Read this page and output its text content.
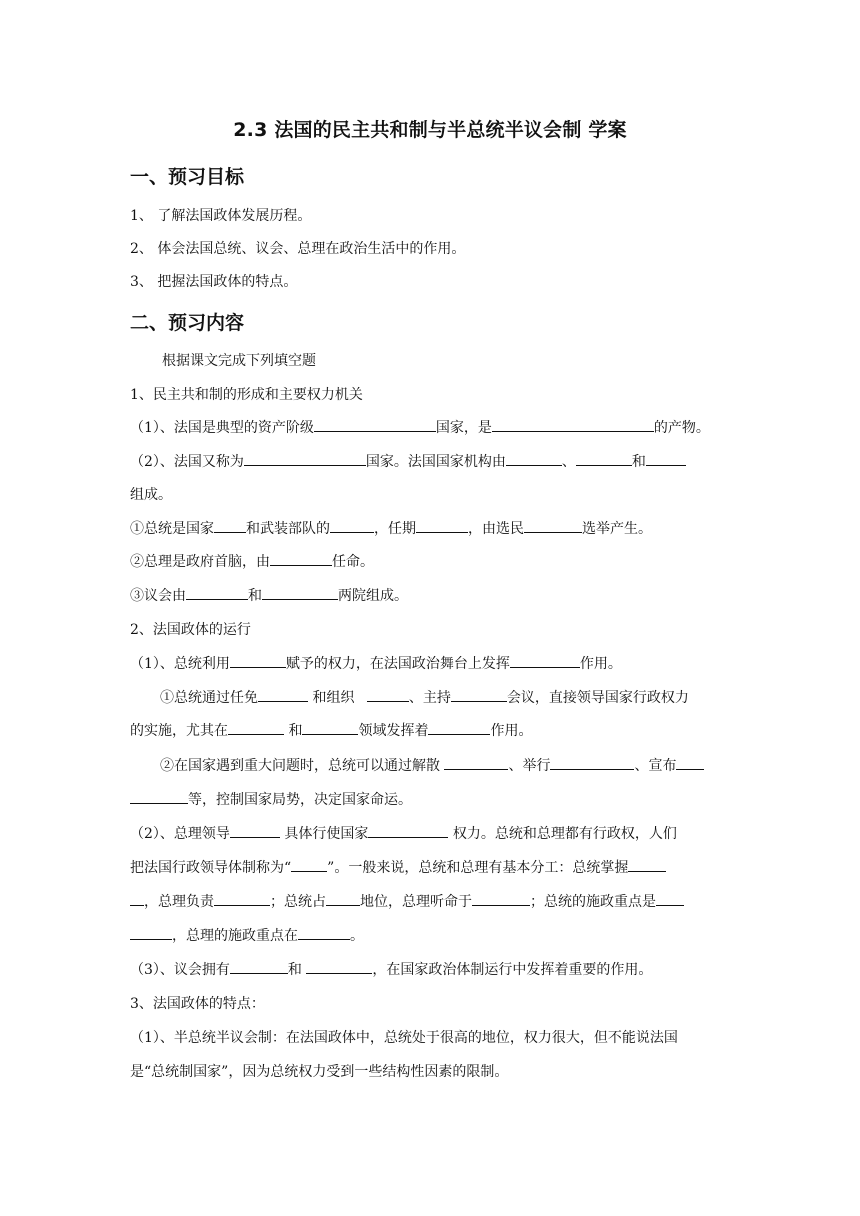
2.3 法国的民主共和制与半总统半议会制 学案
一、预习目标
1、 了解法国政体发展历程。
2、 体会法国总统、议会、总理在政治生活中的作用。
3、 把握法国政体的特点。
二、预习内容
根据课文完成下列填空题
1、民主共和制的形成和主要权力机关
（1）、法国是典型的资产阶级	国家，是	的产物。
（2）、法国又称为	国家。法国国家机构由	、	和
组成。
①总统是国家 和武装部队的	，任期	，由选民	选举产生。
②总理是政府首脑，由	任命。
③议会由	和	两院组成。
2、法国政体的运行
（1）、总统利用	赋予的权力，在法国政治舞台上发挥	作用。
①总统通过任免	和组织	、主持	会议，直接领导国家行政权力
的实施，尤其在	和	领域发挥着	作用。
②在国家遇到重大问题时，总统可以通过解散	、举行	、宣布
等，控制国家局势，决定国家命运。
（2）、总理领导	具体行使国家	权力。总统和总理都有行政权，人们
把法国行政领导体制称为“	”。一般来说，总统和总理有基本分工：总统掌握
，总理负责	；总统占 地位，总理听命于	；总统的施政重点是
，总理的施政重点在	。
（3）、议会拥有	和	，在国家政治体制运行中发挥着重要的作用。
3、法国政体的特点：
（1）、半总统半议会制：在法国政体中，总统处于很高的地位，权力很大，但不能说法国
是“总统制国家”，因为总统权力受到一些结构性因素的限制。
